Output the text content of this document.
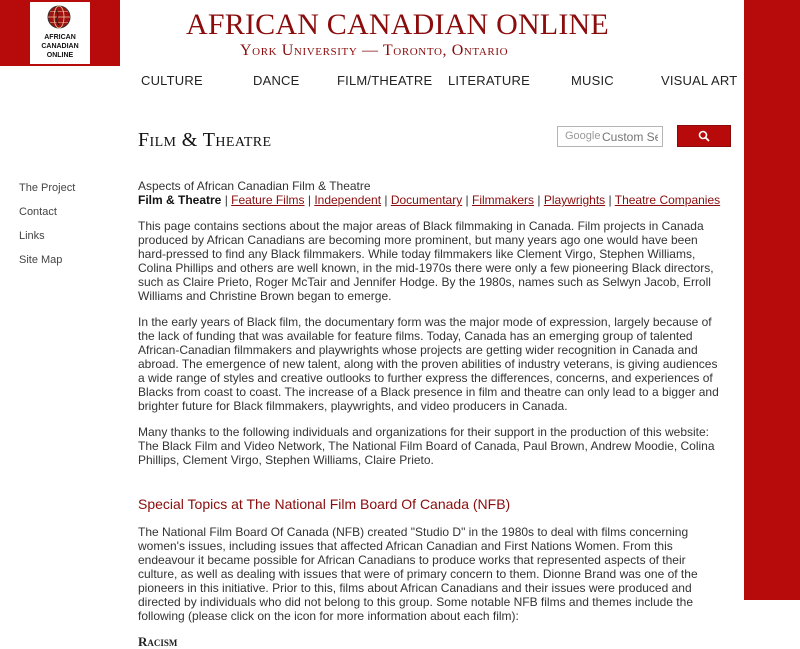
AFRICAN
CANADIAN
ONLINE
AFRICAN CANADIAN ONLINE
York University — Toronto, Ontario
CULTURE	DANCE	FILM/THEATRE LITERATURE	MUSIC	VISUAL ART
Film & Theatre	Google
Custom Se
The Project
Contact
Links
Site Map
Aspects of African Canadian Film & Theatre
Film & Theatre | Feature Films | Independent | Documentary | Filmmakers | Playwrights | Theatre Companies

This page contains sections about the major areas of Black filmmaking in Canada. Film projects in Canada produced by African Canadians are becoming more prominent, but many years ago one would have been hard-pressed to find any Black filmmakers. While today filmmakers like Clement Virgo, Stephen Williams, Colina Phillips and others are well known, in the mid-1970s there were only a few pioneering Black directors, such as Claire Prieto, Roger McTair and Jennifer Hodge. By the 1980s, names such as Selwyn Jacob, Erroll Williams and Christine Brown began to emerge.

In the early years of Black film, the documentary form was the major mode of expression, largely because of the lack of funding that was available for feature films. Today, Canada has an emerging group of talented African-Canadian filmmakers and playwrights whose projects are getting wider recognition in Canada and abroad. The emergence of new talent, along with the proven abilities of industry veterans, is giving audiences a wide range of styles and creative outlooks to further express the differences, concerns, and experiences of Blacks from coast to coast. The increase of a Black presence in film and theatre can only lead to a bigger and brighter future for Black filmmakers, playwrights, and video producers in Canada.

Many thanks to the following individuals and organizations for their support in the production of this website: The Black Film and Video Network, The National Film Board of Canada, Paul Brown, Andrew Moodie, Colina Phillips, Clement Virgo, Stephen Williams, Claire Prieto.

Special Topics at The National Film Board Of Canada (NFB)

The National Film Board Of Canada (NFB) created "Studio D" in the 1980s to deal with films concerning women's issues, including issues that affected African Canadian and First Nations Women. From this endeavour it became possible for African Canadians to produce works that represented aspects of their culture, as well as dealing with issues that were of primary concern to them. Dionne Brand was one of the pioneers in this initiative. Prior to this, films about African Canadians and their issues were produced and directed by individuals who did not belong to this group. Some notable NFB films and themes include the following (please click on the icon for more information about each film):

Racism
